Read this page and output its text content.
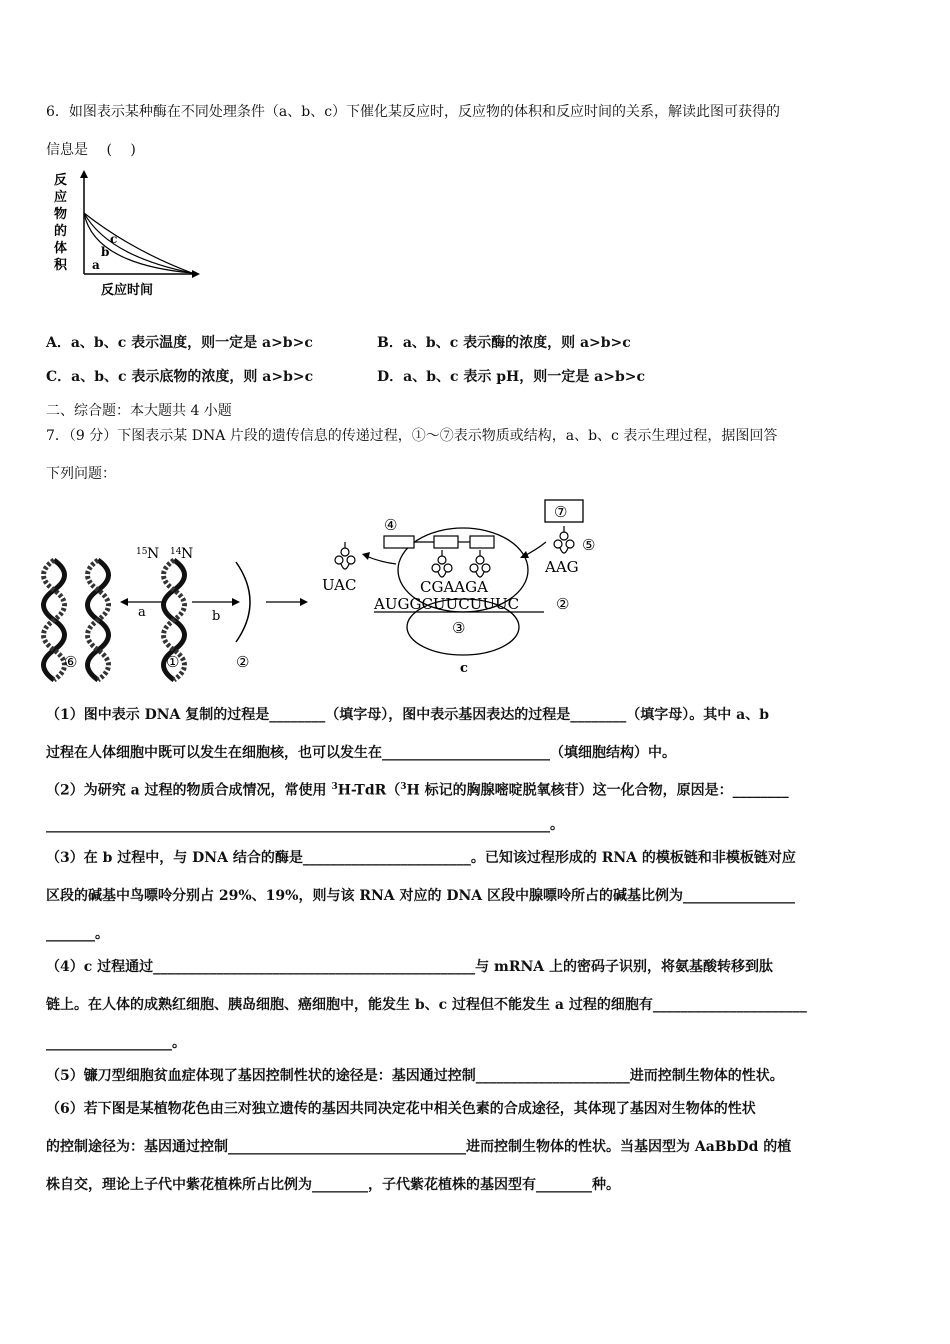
6．如图表示某种酶在不同处理条件（a、b、c）下催化某反应时，反应物的体积和反应时间的关系，解读此图可获得的
信息是 　( 　)
反
应
物
的
体
积 a
b
c
反应时间
A．a、b、c 表示温度，则一定是 a>b>c	B．a、b、c 表示酶的浓度，则 a>b>c
C．a、b、c 表示底物的浓度，则 a>b>c	D．a、b、c 表示 pH，则一定是 a>b>c
二、综合题：本大题共 4 小题
7．（9 分）下图表示某 DNA 片段的遗传信息的传递过程，①～⑦表示物质或结构，a、b、c 表示生理过程，据图回答
下列问题：
15 N 14 N
a	b
⑥	①	②
③
④
CGAAGA
AUGGCUUCUUUC ②
UAC
⑦
⑤
AAG
c
（1）图中表示 DNA 复制的过程是________（填字母），图中表示基因表达的过程是________（填字母）。其中 a、b
过程在人体细胞中既可以发生在细胞核，也可以发生在________________________（填细胞结构）中。
（2）为研究 a 过程的物质合成情况，常使用 $^3$H-TdR（$^3$H 标记的胸腺嘧啶脱氧核苷）这一化合物，原因是：________
________________________________________________________________________。
（3）在 b 过程中，与 DNA 结合的酶是________________________。已知该过程形成的 RNA 的模板链和非模板链对应
区段的碱基中鸟嘌呤分别占 29%、19%，则与该 RNA 对应的 DNA 区段中腺嘌呤所占的碱基比例为________________
_______。
（4）c 过程通过______________________________________________与 mRNA 上的密码子识别，将氨基酸转移到肽
链上。在人体的成熟红细胞、胰岛细胞、癌细胞中，能发生 b、c 过程但不能发生 a 过程的细胞有______________________
__________________。
（5）镰刀型细胞贫血症体现了基因控制性状的途径是：基因通过控制______________________进而控制生物体的性状。
（6）若下图是某植物花色由三对独立遗传的基因共同决定花中相关色素的合成途径，其体现了基因对生物体的性状
的控制途径为：基因通过控制__________________________________进而控制生物体的性状。当基因型为 AaBbDd 的植
株自交，理论上子代中紫花植株所占比例为________，子代紫花植株的基因型有________种。
